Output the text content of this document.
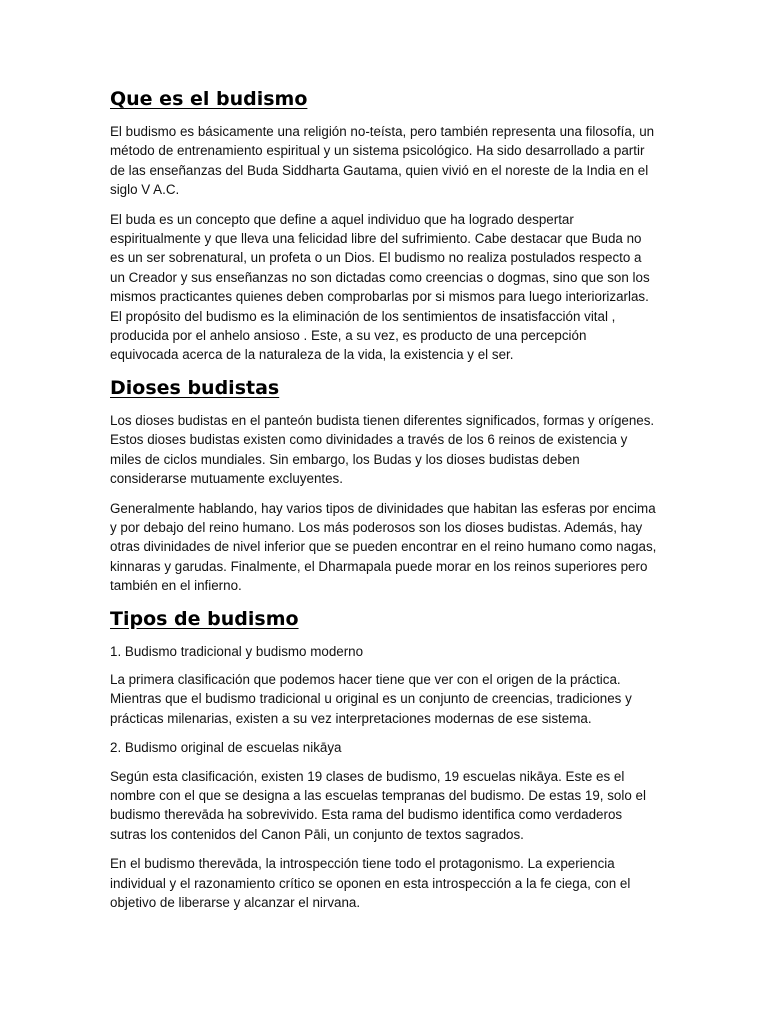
Que es el budismo

El budismo es básicamente una religión no-teísta, pero también representa una filosofía, un método de entrenamiento espiritual y un sistema psicológico. Ha sido desarrollado a partir de las enseñanzas del Buda Siddharta Gautama, quien vivió en el noreste de la India en el siglo V A.C.

El buda es un concepto que define a aquel individuo que ha logrado despertar espiritualmente y que lleva una felicidad libre del sufrimiento. Cabe destacar que Buda no es un ser sobrenatural, un profeta o un Dios. El budismo no realiza postulados respecto a un Creador y sus enseñanzas no son dictadas como creencias o dogmas, sino que son los mismos practicantes quienes deben comprobarlas por si mismos para luego interiorizarlas. El propósito del budismo es la eliminación de los sentimientos de insatisfacción vital , producida por el anhelo ansioso . Este, a su vez, es producto de una percepción equivocada acerca de la naturaleza de la vida, la existencia y el ser.

Dioses budistas

Los dioses budistas en el panteón budista tienen diferentes significados, formas y orígenes. Estos dioses budistas existen como divinidades a través de los 6 reinos de existencia y miles de ciclos mundiales. Sin embargo, los Budas y los dioses budistas deben considerarse mutuamente excluyentes.

Generalmente hablando, hay varios tipos de divinidades que habitan las esferas por encima y por debajo del reino humano. Los más poderosos son los dioses budistas. Además, hay otras divinidades de nivel inferior que se pueden encontrar en el reino humano como nagas, kinnaras y garudas. Finalmente, el Dharmapala puede morar en los reinos superiores pero también en el infierno.

Tipos de budismo

1. Budismo tradicional y budismo moderno

La primera clasificación que podemos hacer tiene que ver con el origen de la práctica. Mientras que el budismo tradicional u original es un conjunto de creencias, tradiciones y prácticas milenarias, existen a su vez interpretaciones modernas de ese sistema.

2. Budismo original de escuelas nikāya

Según esta clasificación, existen 19 clases de budismo, 19 escuelas nikāya. Este es el nombre con el que se designa a las escuelas tempranas del budismo. De estas 19, solo el budismo therevāda ha sobrevivido. Esta rama del budismo identifica como verdaderos sutras los contenidos del Canon Pāli, un conjunto de textos sagrados.

En el budismo therevāda, la introspección tiene todo el protagonismo. La experiencia individual y el razonamiento crítico se oponen en esta introspección a la fe ciega, con el objetivo de liberarse y alcanzar el nirvana.
